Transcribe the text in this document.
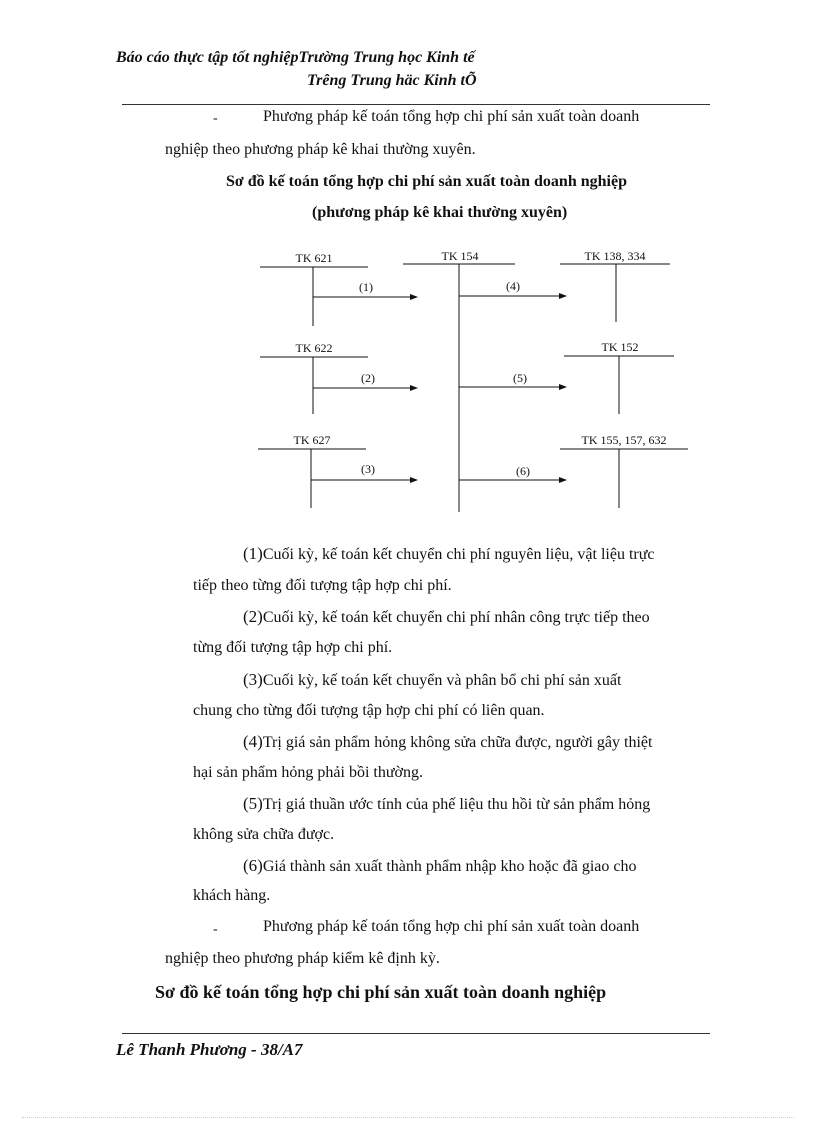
Báo cáo thực tập tốt nghiệpTrường Trung học Kinh tế
Trêng Trung häc Kinh tÕ
-	Phương pháp kế toán tổng hợp chi phí sản xuất toàn doanh
nghiệp theo phương pháp kê khai thường xuyên.
Sơ đồ kế toán tổng hợp chi phí sản xuất toàn doanh nghiệp
(phương pháp kê khai thường xuyên)
TK 621
TK 622
TK 627
TK 154	TK 138, 334
TK 152
TK 155, 157, 632
(1)
(2)
(3)
(4)
(5)
(6)
(1)Cuối kỳ, kế toán kết chuyển chi phí nguyên liệu, vật liệu trực
tiếp theo từng đối tượng tập hợp chi phí.
(2)Cuối kỳ, kế toán kết chuyển chi phí nhân công trực tiếp theo
từng đối tượng tập hợp chi phí.
(3)Cuối kỳ, kế toán kết chuyển và phân bổ chi phí sản xuất
chung cho từng đối tượng tập hợp chi phí có liên quan.
(4)Trị giá sản phẩm hỏng không sửa chữa được, người gây thiệt
hại sản phẩm hỏng phải bồi thường.
(5)Trị giá thuần ước tính của phế liệu thu hồi từ sản phẩm hỏng
không sửa chữa được.
(6)Giá thành sản xuất thành phẩm nhập kho hoặc đã giao cho
khách hàng.
-	Phương pháp kế toán tổng hợp chi phí sản xuất toàn doanh
nghiệp theo phương pháp kiểm kê định kỳ.
Sơ đồ kế toán tổng hợp chi phí sản xuất toàn doanh nghiệp
Lê Thanh Phương - 38/A7
